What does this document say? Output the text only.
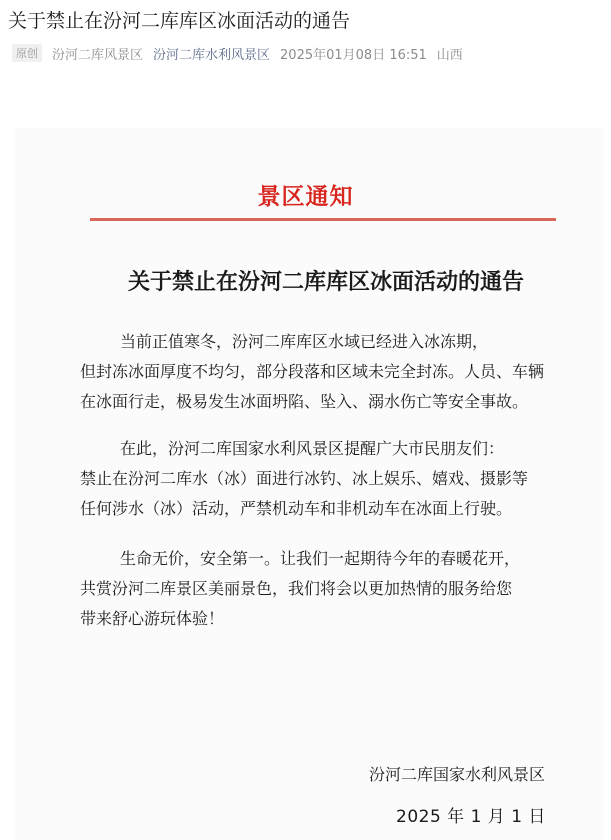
关于禁止在汾河二库库区冰面活动的通告
原创	汾河二库风景区 汾河二库水利风景区 2025年01月08日 16:51 山西
景区通知
关于禁止在汾河二库库区冰面活动的通告
当前正值寒冬，汾河二库库区水域已经进入冰冻期，
但封冻冰面厚度不均匀，部分段落和区域未完全封冻。人员、车辆
在冰面行走，极易发生冰面坍陷、坠入、溺水伤亡等安全事故。
在此，汾河二库国家水利风景区提醒广大市民朋友们：
禁止在汾河二库水（冰）面进行冰钓、冰上娱乐、嬉戏、摄影等
任何涉水（冰）活动，严禁机动车和非机动车在冰面上行驶。
生命无价，安全第一。让我们一起期待今年的春暖花开，
共赏汾河二库景区美丽景色，我们将会以更加热情的服务给您
带来舒心游玩体验！
汾河二库国家水利风景区
2025 年 1 月 1 日
